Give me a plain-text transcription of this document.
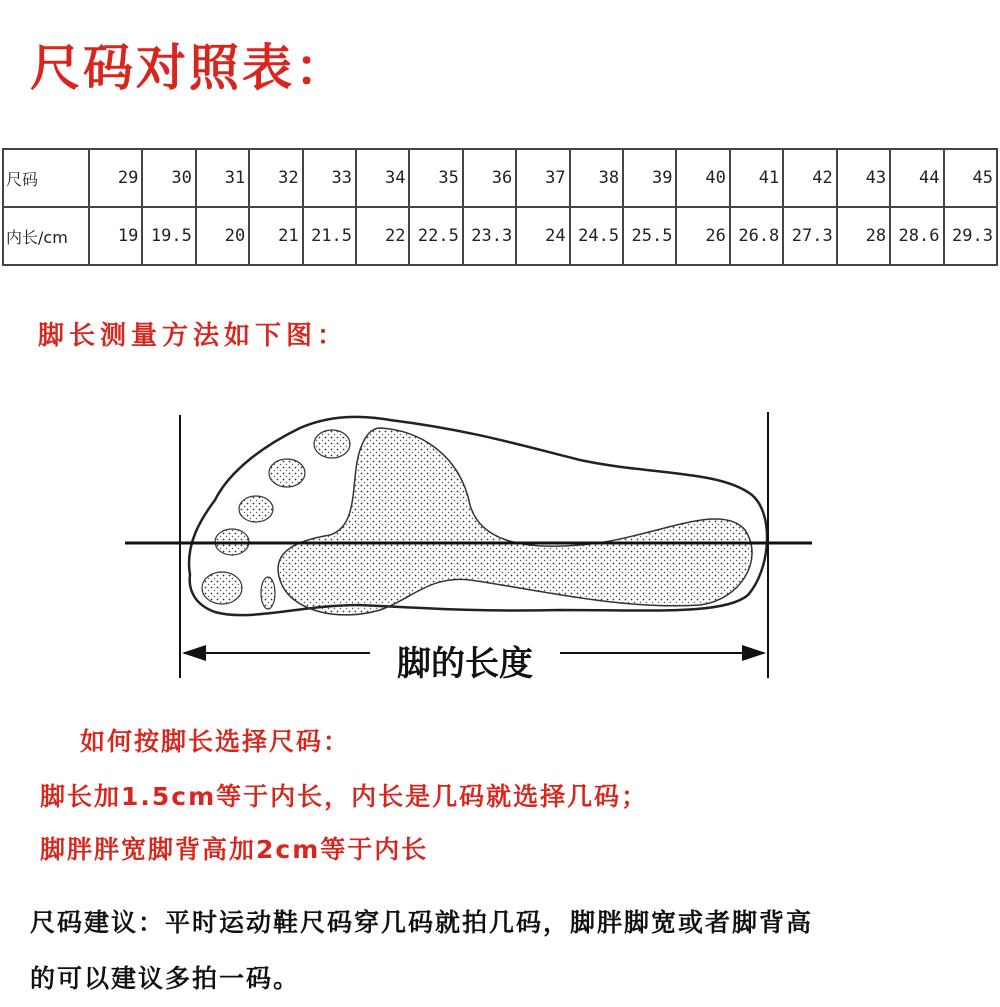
尺码对照表：
尺码	29	30	31	32	33	34	35	36	37	38	39	40	41	42	43	44	45
内长/cm	19	19.5	20	21	21.5	22	22.5	23.3	24	24.5	25.5	26	26.8	27.3	28	28.6	29.3
脚长测量方法如下图：
脚的长度
如何按脚长选择尺码：
脚长加1.5cm等于内长，内长是几码就选择几码；
脚胖胖宽脚背高加2cm等于内长
尺码建议：平时运动鞋尺码穿几码就拍几码，脚胖脚宽或者脚背高
的可以建议多拍一码。
